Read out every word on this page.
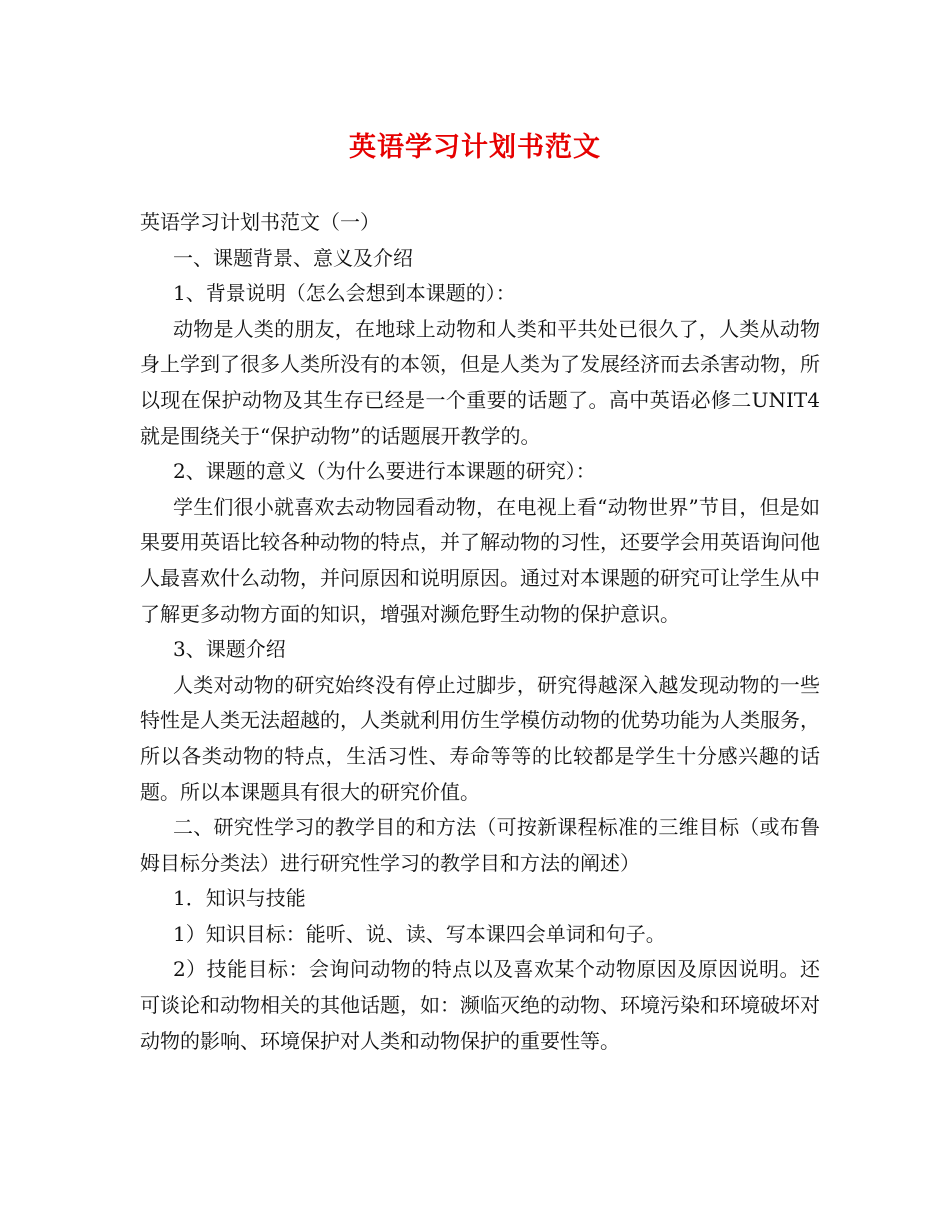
英语学习计划书范文

英语学习计划书范文（一）

一、课题背景、意义及介绍

1、背景说明（怎么会想到本课题的）：

动物是人类的朋友，在地球上动物和人类和平共处已很久了，人类从动物身上学到了很多人类所没有的本领，但是人类为了发展经济而去杀害动物，所以现在保护动物及其生存已经是一个重要的话题了。高中英语必修二UNIT4就是围绕关于“保护动物”的话题展开教学的。

2、课题的意义（为什么要进行本课题的研究）：

学生们很小就喜欢去动物园看动物，在电视上看“动物世界”节目，但是如果要用英语比较各种动物的特点，并了解动物的习性，还要学会用英语询问他人最喜欢什么动物，并问原因和说明原因。通过对本课题的研究可让学生从中了解更多动物方面的知识，增强对濒危野生动物的保护意识。

3、课题介绍

人类对动物的研究始终没有停止过脚步，研究得越深入越发现动物的一些特性是人类无法超越的，人类就利用仿生学模仿动物的优势功能为人类服务，所以各类动物的特点，生活习性、寿命等等的比较都是学生十分感兴趣的话题。所以本课题具有很大的研究价值。

二、研究性学习的教学目的和方法（可按新课程标准的三维目标（或布鲁姆目标分类法）进行研究性学习的教学目和方法的阐述）

1．知识与技能

1）知识目标：能听、说、读、写本课四会单词和句子。

2）技能目标：会询问动物的特点以及喜欢某个动物原因及原因说明。还可谈论和动物相关的其他话题，如：濒临灭绝的动物、环境污染和环境破坏对动物的影响、环境保护对人类和动物保护的重要性等。
